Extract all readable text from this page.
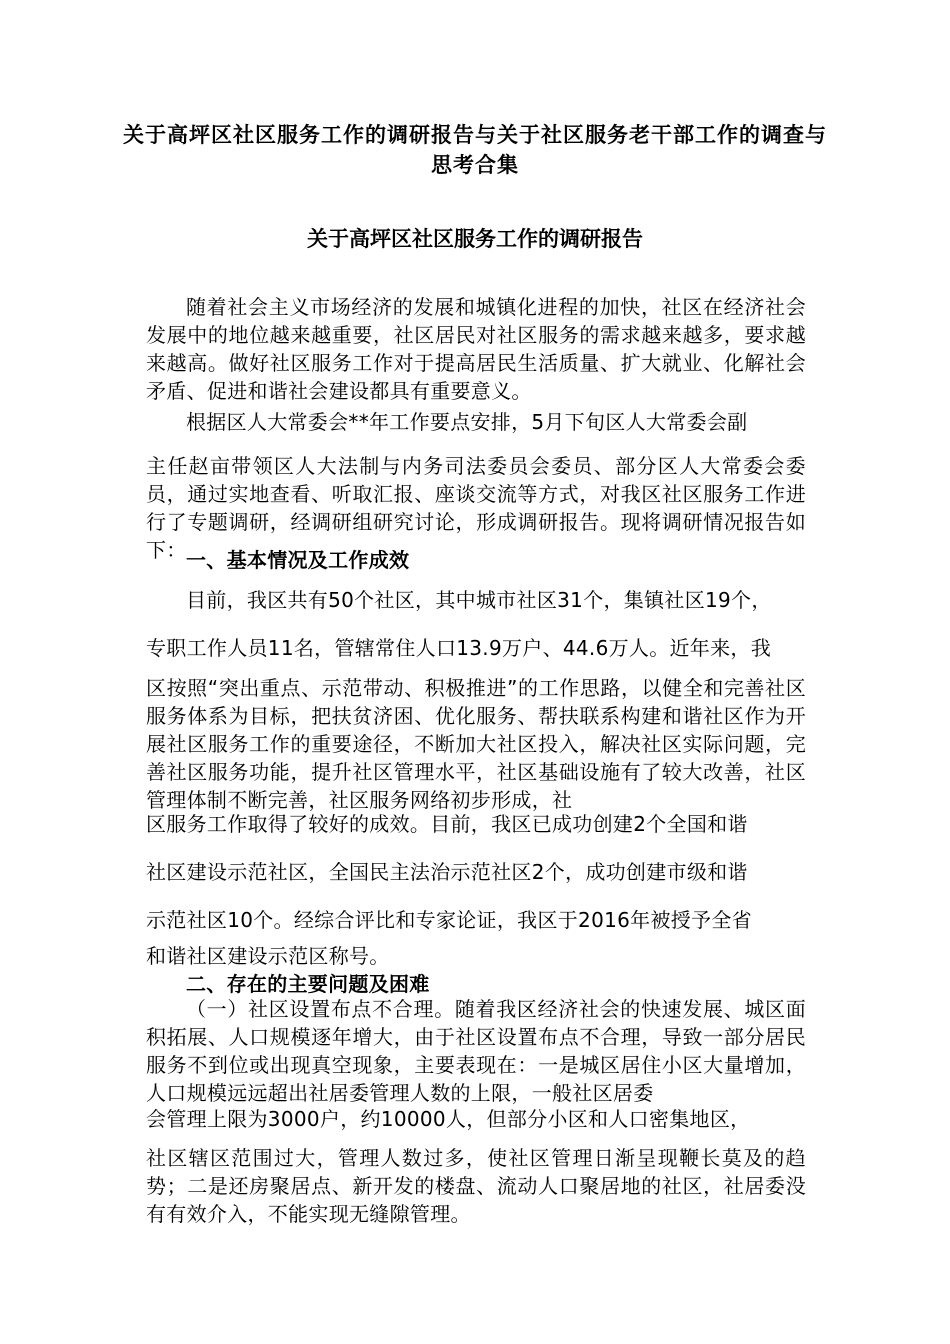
关于高坪区社区服务工作的调研报告与关于社区服务老干部工作的调查与思考合集
关于高坪区社区服务工作的调研报告

随着社会主义市场经济的发展和城镇化进程的加快，社区在经济社会发展中的地位越来越重要，社区居民对社区服务的需求越来越多，要求越来越高。做好社区服务工作对于提高居民生活质量、扩大就业、化解社会矛盾、促进和谐社会建设都具有重要意义。

根据区人大常委会**年工作要点安排，5月下旬区人大常委会副

主任赵亩带领区人大法制与内务司法委员会委员、部分区人大常委会委员，通过实地查看、听取汇报、座谈交流等方式，对我区社区服务工作进行了专题调研，经调研组研究讨论，形成调研报告。现将调研情况报告如下： 一、基本情况及工作成效

目前，我区共有50个社区，其中城市社区31个，集镇社区19个，

专职工作人员11名，管辖常住人口13.9万户、44.6万人。近年来，我

区按照“突出重点、示范带动、积极推进”的工作思路，以健全和完善社区服务体系为目标，把扶贫济困、优化服务、帮扶联系构建和谐社区作为开展社区服务工作的重要途径，不断加大社区投入，解决社区实际问题，完善社区服务功能，提升社区管理水平，社区基础设施有了较大改善，社区管理体制不断完善，社区服务网络初步形成，社

区服务工作取得了较好的成效。目前，我区已成功创建2个全国和谐

社区建设示范社区，全国民主法治示范社区2个，成功创建市级和谐

示范社区10个。经综合评比和专家论证，我区于2016年被授予全省

和谐社区建设示范区称号。

二、存在的主要问题及困难

（一）社区设置布点不合理。随着我区经济社会的快速发展、城区面积拓展、人口规模逐年增大，由于社区设置布点不合理，导致一部分居民服务不到位或出现真空现象，主要表现在：一是城区居住小区大量增加，人口规模远远超出社居委管理人数的上限，一般社区居委

会管理上限为3000户，约10000人，但部分小区和人口密集地区，

社区辖区范围过大，管理人数过多，使社区管理日渐呈现鞭长莫及的趋势；二是还房聚居点、新开发的楼盘、流动人口聚居地的社区，社居委没有有效介入，不能实现无缝隙管理。
